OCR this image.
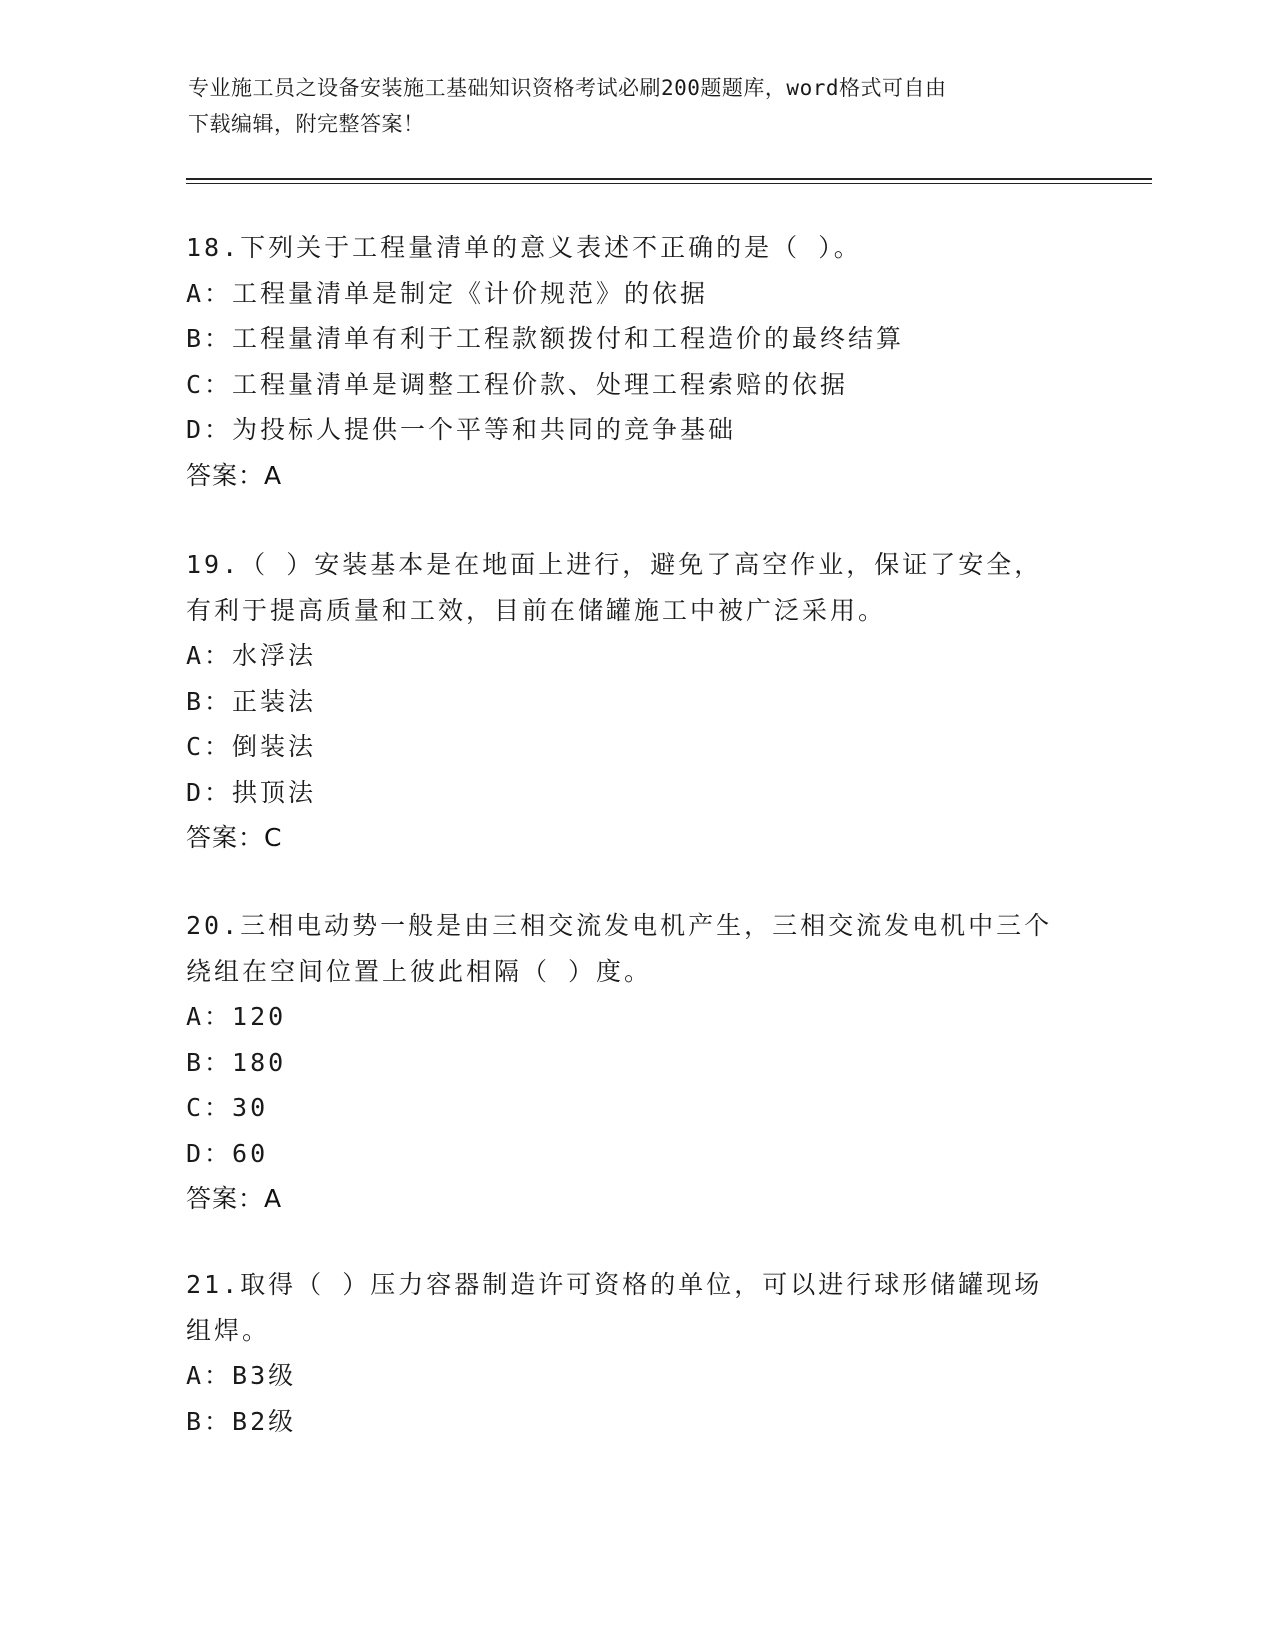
专业施工员之设备安装施工基础知识资格考试必刷200题题库，word格式可自由
下载编辑，附完整答案！
18.下列关于工程量清单的意义表述不正确的是（ ）。
A：工程量清单是制定《计价规范》的依据
B：工程量清单有利于工程款额拨付和工程造价的最终结算
C：工程量清单是调整工程价款、处理工程索赔的依据
D：为投标人提供一个平等和共同的竞争基础
答案：A
19.（ ）安装基本是在地面上进行，避免了高空作业，保证了安全，
有利于提高质量和工效，目前在储罐施工中被广泛采用。
A：水浮法
B：正装法
C：倒装法
D：拱顶法
答案：C
20.三相电动势一般是由三相交流发电机产生，三相交流发电机中三个
绕组在空间位置上彼此相隔（ ）度。
A：120
B：180
C：30
D：60
答案：A
21.取得（ ）压力容器制造许可资格的单位，可以进行球形储罐现场
组焊。
A：B3级
B：B2级
